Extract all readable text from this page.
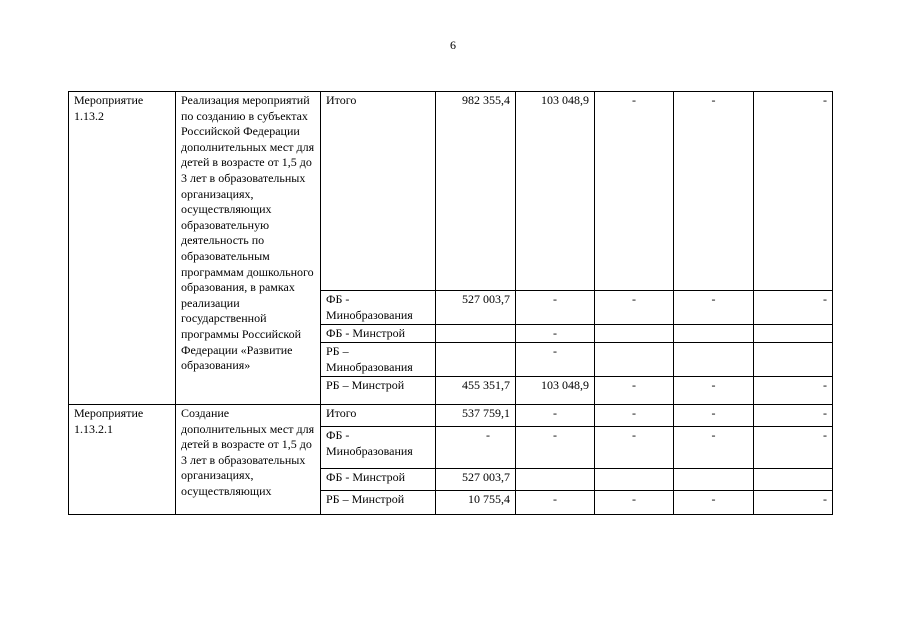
6
Мероприятие 1.13.2	Реализация мероприятий по созданию в субъектах Российской Федерации дополнительных мест для детей в возрасте от 1,5 до 3 лет в образовательных организациях, осуществляющих образовательную деятельность по образовательным программам дошкольного образования, в рамках реализации государственной программы Российской Федерации «Развитие образования»	Итого	982 355,4	103 048,9	-	-	-
		ФБ - Минобразования	527 003,7	-	-	-	-
		ФБ - Минстрой		-			
		РБ – Минобразования		-			
		РБ – Минстрой	455 351,7	103 048,9	-	-	-
Мероприятие 1.13.2.1	Создание дополнительных мест для детей в возрасте от 1,5 до 3 лет в образовательных организациях, осуществляющих	Итого	537 759,1	-	-	-	-
		ФБ - Минобразования	-	-	-	-	-
		ФБ - Минстрой	527 003,7				
		РБ – Минстрой	10 755,4	-	-	-	-
